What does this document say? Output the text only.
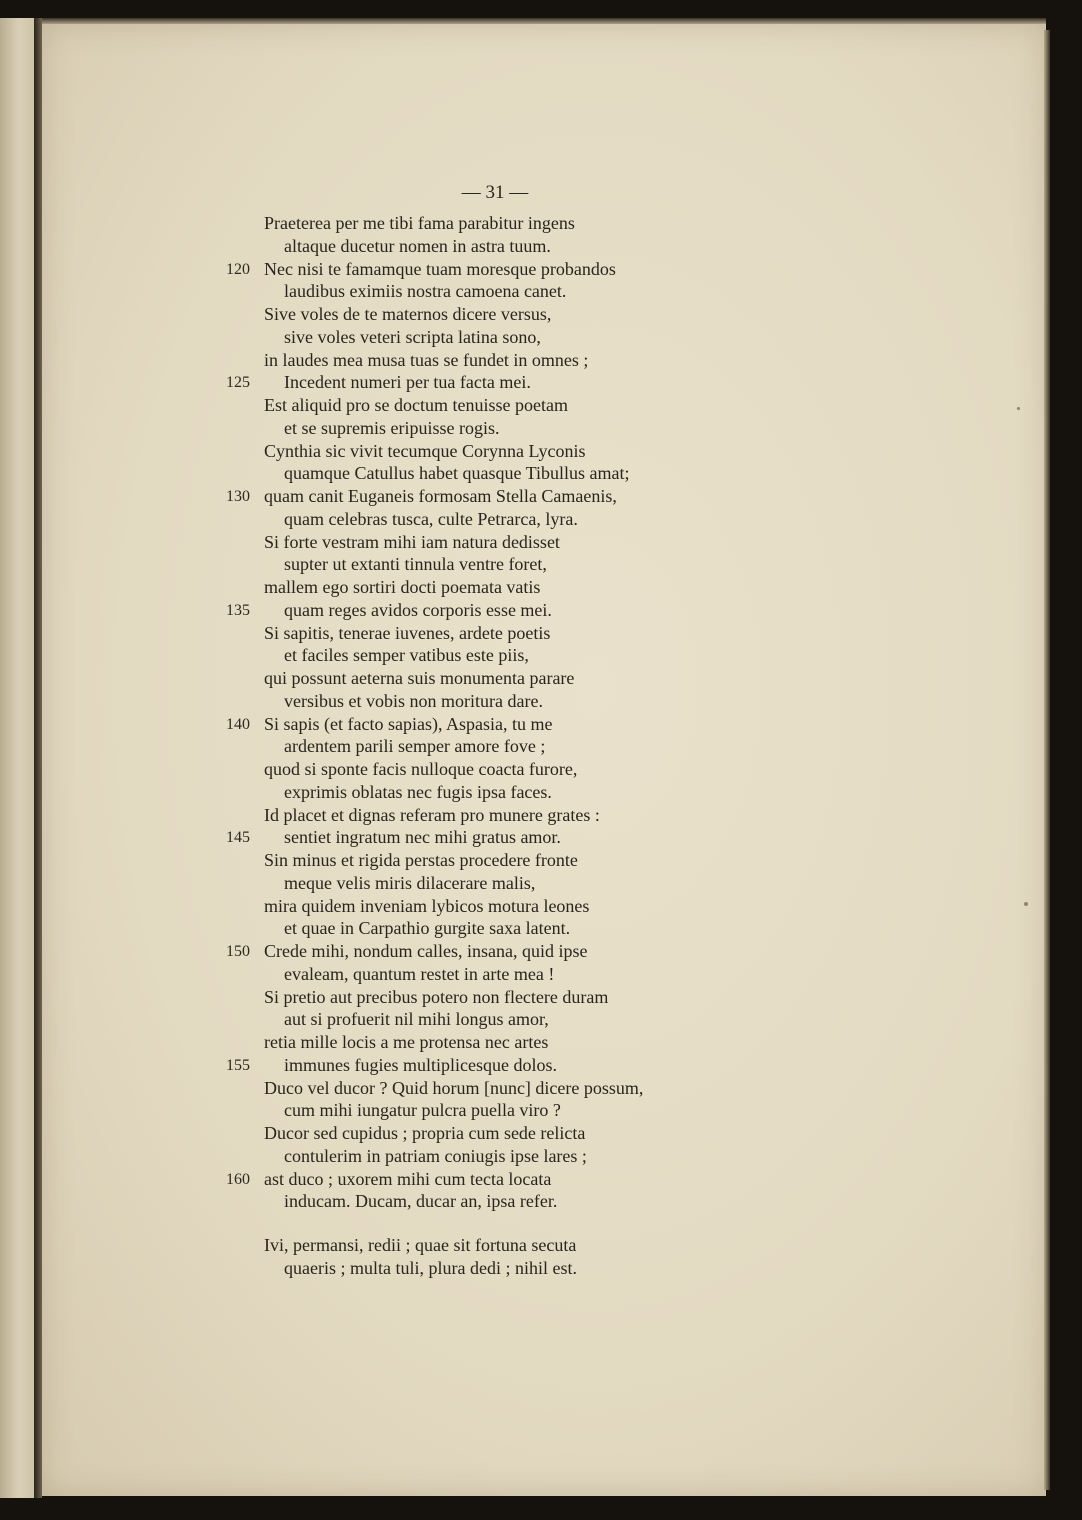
— 31 —
Praeterea per me tibi fama parabitur ingens
altaque ducetur nomen in astra tuum.
Nec nisi te famamque tuam moresque probandos
120
laudibus eximiis nostra camoena canet.
Sive voles de te maternos dicere versus,
sive voles veteri scripta latina sono,
in laudes mea musa tuas se fundet in omnes ;
Incedent numeri per tua facta mei.
125
Est aliquid pro se doctum tenuisse poetam
et se supremis eripuisse rogis.
Cynthia sic vivit tecumque Corynna Lyconis
quamque Catullus habet quasque Tibullus amat;
quam canit Euganeis formosam Stella Camaenis,
130
quam celebras tusca, culte Petrarca, lyra.
Si forte vestram mihi iam natura dedisset
supter ut extanti tinnula ventre foret,
mallem ego sortiri docti poemata vatis
quam reges avidos corporis esse mei.
135
Si sapitis, tenerae iuvenes, ardete poetis
et faciles semper vatibus este piis,
qui possunt aeterna suis monumenta parare
versibus et vobis non moritura dare.
Si sapis (et facto sapias), Aspasia, tu me
140
ardentem parili semper amore fove ;
quod si sponte facis nulloque coacta furore,
exprimis oblatas nec fugis ipsa faces.
Id placet et dignas referam pro munere grates :
sentiet ingratum nec mihi gratus amor.
145
Sin minus et rigida perstas procedere fronte
meque velis miris dilacerare malis,
mira quidem inveniam lybicos motura leones
et quae in Carpathio gurgite saxa latent.
Crede mihi, nondum calles, insana, quid ipse
150
evaleam, quantum restet in arte mea !
Si pretio aut precibus potero non flectere duram
aut si profuerit nil mihi longus amor,
retia mille locis a me protensa nec artes
immunes fugies multiplicesque dolos.
155
Duco vel ducor ? Quid horum [nunc] dicere possum,
cum mihi iungatur pulcra puella viro ?
Ducor sed cupidus ; propria cum sede relicta
contulerim in patriam coniugis ipse lares ;
ast duco ; uxorem mihi cum tecta locata
160
inducam. Ducam, ducar an, ipsa refer.
Ivi, permansi, redii ; quae sit fortuna secuta
quaeris ; multa tuli, plura dedi ; nihil est.
